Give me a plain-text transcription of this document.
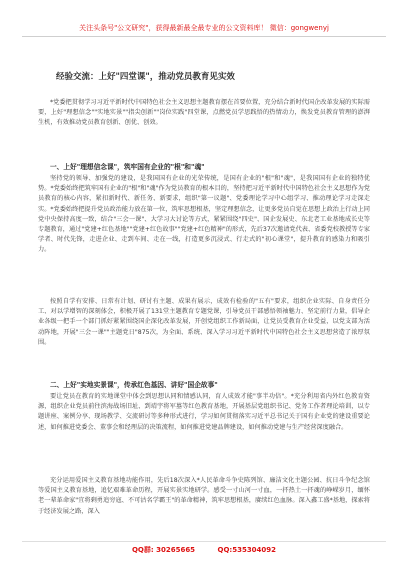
关注头条号"公文研究"，获得最新最全最专业的公文资料库！ 微信：gongwenyj
经验交流：上好"四堂课"，推动党员教育见实效
*党委把贯彻学习习近平新时代中国特色社会主义思想主题教育摆在首要位置，充分结合新时代国企改革发展的实际需要，上好"理想信念""实地实景""指尖创新""岗位实践"四堂课，点燃党员学思践悟的热情动力，焕发党员教育管理的澎湃生机，有效推动党员教育创新、创优、创效。
一、上好"理想信念课"，筑牢国有企业的"根"和"魂"
坚持党的领导、加强党的建设，是我国国有企业的光荣传统，是国有企业的"根"和"魂"，是我国国有企业的独特优势。*党委始终把筑牢国有企业的"根"和"魂"作为党员教育的根本目的，坚持把习近平新时代中国特色社会主义思想作为党员教育的核心内容，紧扣新时代、新任务、新要求，组织"第一议题"、党委理论学习中心组学习、推动理论学习走深走实。*党委始终把提升党员政治能力放在第一位，筑牢思想根基，坚定理想信念，让更多党员自觉在思想上政治上行动上同党中央保持高度一致，结合"三会一课"、大学习大讨论等方式，紧紧围绕"四史"、国企发展史、东北老工业基地成长史等专题教育，通过"党建+红色基地""党建+红色故事""党建+红色精神"的形式，先后37次邀请党代表、省委党校教授等专家学者、时代先锋，走进企业、走到车间、走在一线，打造更多沉浸式、行走式的"初心课堂"，提升教育的感染力和吸引力。
按照自学有安排、日常有计划、研讨有主题、成果有展示，成效有检验的"五有"要求，组织企业实际、自身责任分工、对以学增智的深刻体会，积极开展了131堂主题教育专题党课，引导党员干部感悟领袖魅力、坚定前行力量，倡导企业各级一把手一个部门抓好紧紧围绕国企深化改革发展，开创党组织工作新局面，让党员受教育企业受益，以党支部为活动阵地，开展"三会一课""主题党日"875次，为全面、系统、深入学习习近平新时代中国特色社会主义思想营造了浓厚氛围。
二、上好"实地实景课"，传承红色基因、讲好"国企故事"
要让党员在教育的实地课堂中体会到思想认同和情感认同，育人成效才能"事半功倍"。*充分利用省内外红色教育资源，组织企业党员前往滨海战场旧址、到靖宇将军墓等红色教育基地，开展基层党组织书记、党务工作者理论培训，以专题讲座、案例分享、现场教学、交流研讨等多种形式进行，学习如何贯彻落实习近平总书记关于国有企业党的建设重要论述，如何推进党委会、董事会和经理层的决策流程，如何推进党建品牌建设，如何推动党建与生产经营深度融合。
充分运用爱国主义教育基地功能作用，先后18次深入*人民革命斗争史陈列馆、廉洁文化主题公园、抗日斗争纪念馆等爱国主义教育基地，追忆艰难革命历程，开展实景实地研学。感受一寸山河一寸血，一抔热土一抔魂的峥嵘岁月，缅怀老一辈革命家"宜将剩勇追穷寇、不可沽名学霸王"的革命精神，筑牢思想根基，赓续红色血脉。深入鑫工盛*基地，探索将于经济发展之路，深入
QQ群: 30265665	QQ:535304092
